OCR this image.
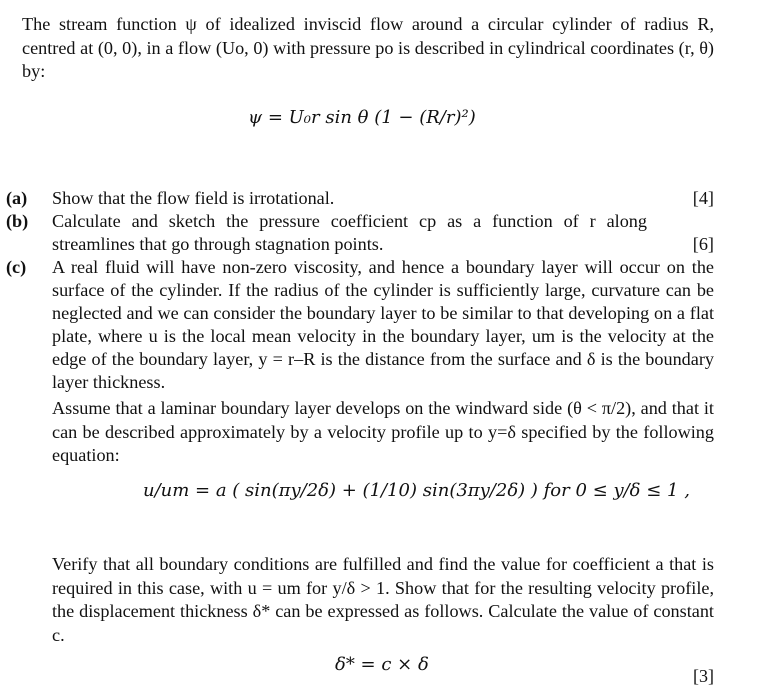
The stream function ψ of idealized inviscid flow around a circular cylinder of radius R, centred at (0, 0), in a flow (Uo, 0) with pressure po is described in cylindrical coordinates (r, θ) by:
ψ = U₀r sin θ (1 − (R/r)²)
(a) Show that the flow field is irrotational.	[4]
(b) Calculate and sketch the pressure coefficient cp as a function of r along streamlines that go through stagnation points.	[6]
(c) A real fluid will have non-zero viscosity, and hence a boundary layer will occur on the surface of the cylinder. If the radius of the cylinder is sufficiently large, curvature can be neglected and we can consider the boundary layer to be similar to that developing on a flat plate, where u is the local mean velocity in the boundary layer, um is the velocity at the edge of the boundary layer, y = r–R is the distance from the surface and δ is the boundary layer thickness.
Assume that a laminar boundary layer develops on the windward side (θ < π/2), and that it can be described approximately by a velocity profile up to y=δ specified by the following equation:
u/um = a ( sin(πy/2δ) + (1/10) sin(3πy/2δ) ) for 0 ≤ y/δ ≤ 1 ,
Verify that all boundary conditions are fulfilled and find the value for coefficient a that is required in this case, with u = um for y/δ > 1. Show that for the resulting velocity profile, the displacement thickness δ* can be expressed as follows. Calculate the value of constant c.
δ* = c × δ
[3]
